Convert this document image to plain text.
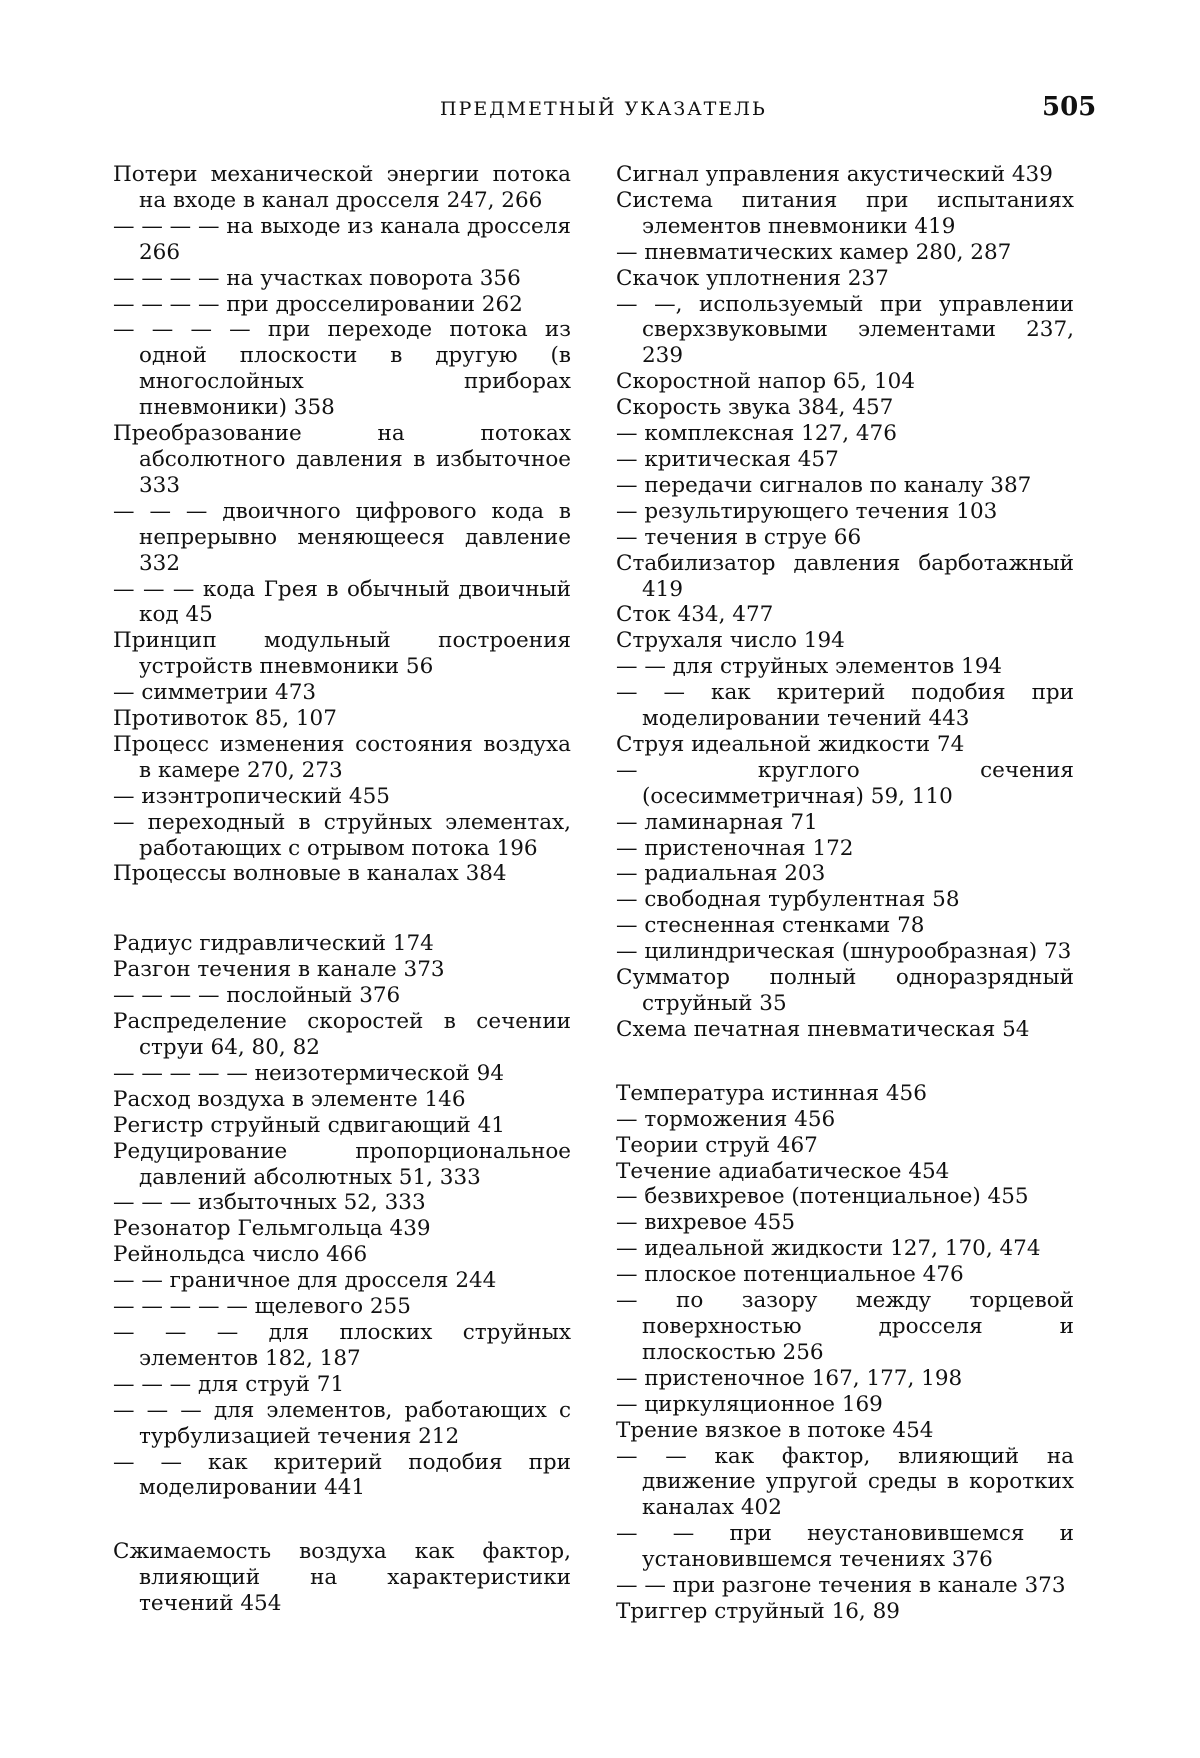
ПРЕДМЕТНЫЙ УКАЗАТЕЛЬ	505
Потери механической энергии потока на входе в канал дросселя 247, 266
— — — — на выходе из канала дросселя 266
— — — — на участках поворота 356
— — — — при дросселировании 262
— — — — при переходе потока из одной плоскости в другую (в многослойных приборах пневмоники) 358
Преобразование на потоках абсолютного давления в избыточное 333
— — — двоичного цифрового кода в непрерывно меняющееся давление 332
— — — кода Грея в обычный двоичный код 45
Принцип модульный построения устройств пневмоники 56
— симметрии 473
Противоток 85, 107
Процесс изменения состояния воздуха в камере 270, 273
— изэнтропический 455
— переходный в струйных элементах, работающих с отрывом потока 196
Процессы волновые в каналах 384
Радиус гидравлический 174
Разгон течения в канале 373
— — — — послойный 376
Распределение скоростей в сечении струи 64, 80, 82
— — — — — неизотермической 94
Расход воздуха в элементе 146
Регистр струйный сдвигающий 41
Редуцирование пропорциональное давлений абсолютных 51, 333
— — — избыточных 52, 333
Резонатор Гельмгольца 439
Рейнольдса число 466
— — граничное для дросселя 244
— — — — — щелевого 255
— — — для плоских струйных элементов 182, 187
— — — для струй 71
— — — для элементов, работающих с турбулизацией течения 212
— — как критерий подобия при моделировании 441
Сжимаемость воздуха как фактор, влияющий на характеристики течений 454
Сигнал управления акустический 439
Система питания при испытаниях элементов пневмоники 419
— пневматических камер 280, 287
Скачок уплотнения 237
— —, используемый при управлении сверхзвуковыми элементами 237, 239
Скоростной напор 65, 104
Скорость звука 384, 457
— комплексная 127, 476
— критическая 457
— передачи сигналов по каналу 387
— результирующего течения 103
— течения в струе 66
Стабилизатор давления барботажный 419
Сток 434, 477
Струхаля число 194
— — для струйных элементов 194
— — как критерий подобия при моделировании течений 443
Струя идеальной жидкости 74
— круглого сечения (осесимметричная) 59, 110
— ламинарная 71
— пристеночная 172
— радиальная 203
— свободная турбулентная 58
— стесненная стенками 78
— цилиндрическая (шнурообразная) 73
Сумматор полный одноразрядный струйный 35
Схема печатная пневматическая 54
Температура истинная 456
— торможения 456
Теории струй 467
Течение адиабатическое 454
— безвихревое (потенциальное) 455
— вихревое 455
— идеальной жидкости 127, 170, 474
— плоское потенциальное 476
— по зазору между торцевой поверхностью дросселя и плоскостью 256
— пристеночное 167, 177, 198
— циркуляционное 169
Трение вязкое в потоке 454
— — как фактор, влияющий на движение упругой среды в коротких каналах 402
— — при неустановившемся и установившемся течениях 376
— — при разгоне течения в канале 373
Триггер струйный 16, 89
